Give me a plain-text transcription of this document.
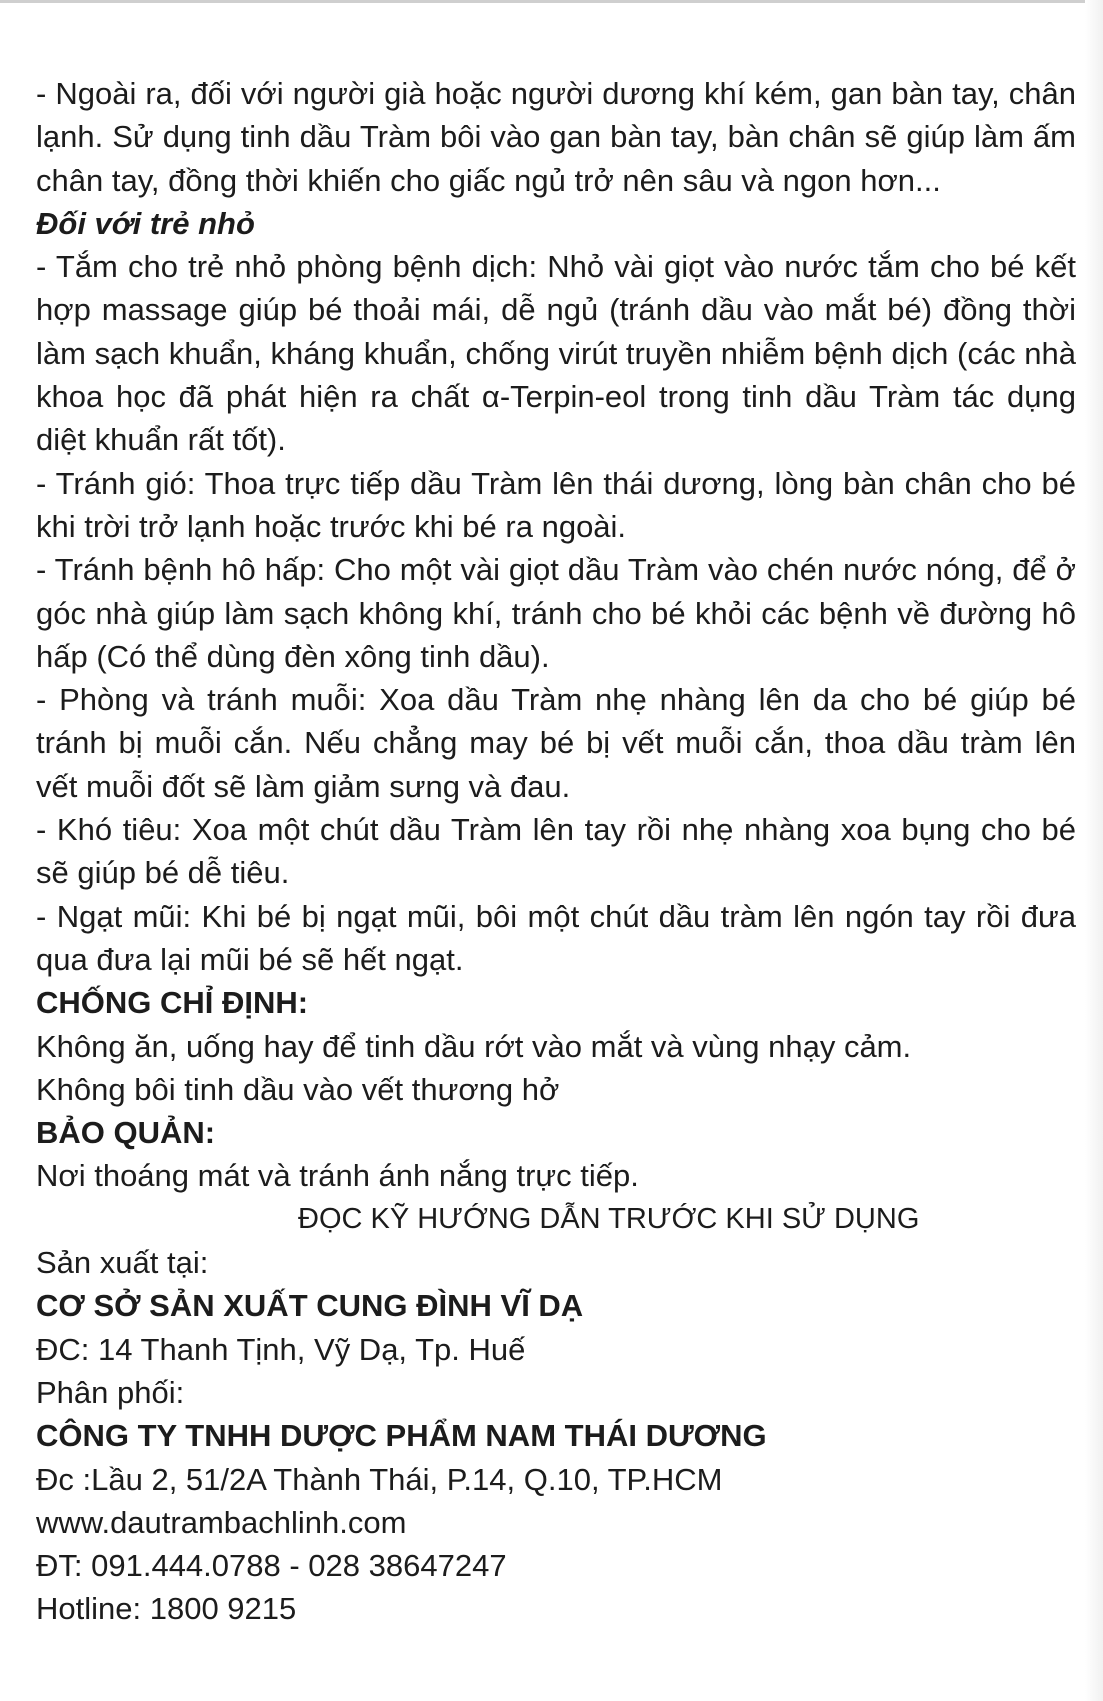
- Ngoài ra, đối với người già hoặc người dương khí kém, gan bàn tay, chân lạnh. Sử dụng tinh dầu Tràm bôi vào gan bàn tay, bàn chân sẽ giúp làm ấm chân tay, đồng thời khiến cho giấc ngủ trở nên sâu và ngon hơn...

Đối với trẻ nhỏ

- Tắm cho trẻ nhỏ phòng bệnh dịch: Nhỏ vài giọt vào nước tắm cho bé kết hợp massage giúp bé thoải mái, dễ ngủ (tránh dầu vào mắt bé) đồng thời làm sạch khuẩn, kháng khuẩn, chống virút truyền nhiễm bệnh dịch (các nhà khoa học đã phát hiện ra chất α-Terpin-eol trong tinh dầu Tràm tác dụng diệt khuẩn rất tốt).

- Tránh gió: Thoa trực tiếp dầu Tràm lên thái dương, lòng bàn chân cho bé khi trời trở lạnh hoặc trước khi bé ra ngoài.

- Tránh bệnh hô hấp: Cho một vài giọt dầu Tràm vào chén nước nóng, để ở góc nhà giúp làm sạch không khí, tránh cho bé khỏi các bệnh về đường hô hấp (Có thể dùng đèn xông tinh dầu).

- Phòng và tránh muỗi: Xoa dầu Tràm nhẹ nhàng lên da cho bé giúp bé tránh bị muỗi cắn. Nếu chẳng may bé bị vết muỗi cắn, thoa dầu tràm lên vết muỗi đốt sẽ làm giảm sưng và đau.

- Khó tiêu: Xoa một chút dầu Tràm lên tay rồi nhẹ nhàng xoa bụng cho bé sẽ giúp bé dễ tiêu.

- Ngạt mũi: Khi bé bị ngạt mũi, bôi một chút dầu tràm lên ngón tay rồi đưa qua đưa lại mũi bé sẽ hết ngạt.

CHỐNG CHỈ ĐỊNH:

Không ăn, uống hay để tinh dầu rớt vào mắt và vùng nhạy cảm.

Không bôi tinh dầu vào vết thương hở

BẢO QUẢN:

Nơi thoáng mát và tránh ánh nắng trực tiếp.

ĐỌC KỸ HƯỚNG DẪN TRƯỚC KHI SỬ DỤNG

Sản xuất tại:

CƠ SỞ SẢN XUẤT CUNG ĐÌNH VĨ DẠ

ĐC: 14 Thanh Tịnh, Vỹ Dạ, Tp. Huế

Phân phối:

CÔNG TY TNHH DƯỢC PHẨM NAM THÁI DƯƠNG

Đc :Lầu 2, 51/2A Thành Thái, P.14, Q.10, TP.HCM

www.dautrambachlinh.com

ĐT: 091.444.0788 - 028 38647247

Hotline: 1800 9215
